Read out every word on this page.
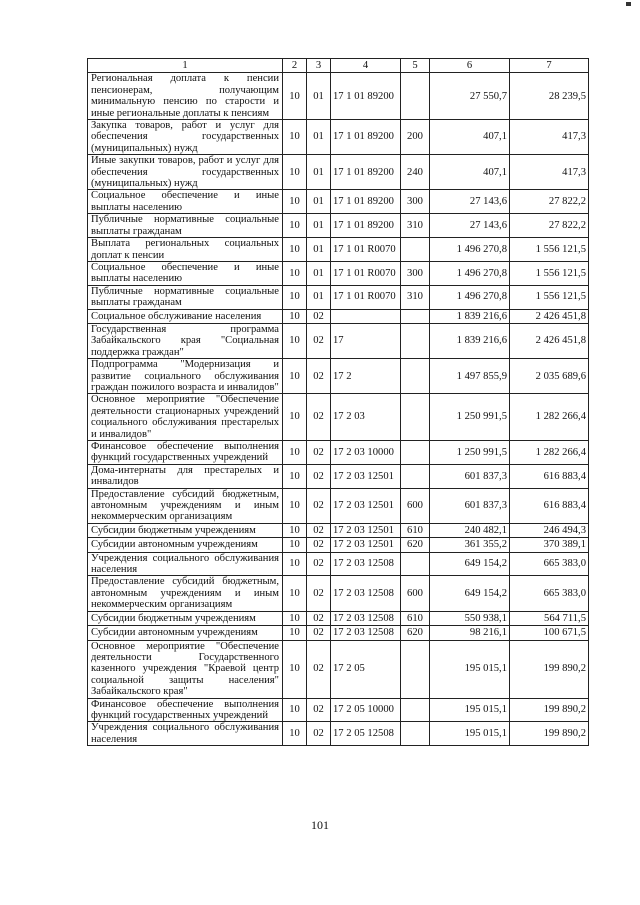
1	2	3	4	5	6	7
Региональная доплата к пенсии пенсионерам, получающим минимальную пенсию по старости и иные региональные доплаты к пенсиям	10	01	17 1 01 89200		27 550,7	28 239,5
Закупка товаров, работ и услуг для обеспечения государственных (муниципальных) нужд	10	01	17 1 01 89200	200	407,1	417,3
Иные закупки товаров, работ и услуг для обеспечения государственных (муниципальных) нужд	10	01	17 1 01 89200	240	407,1	417,3
Социальное обеспечение и иные выплаты населению	10	01	17 1 01 89200	300	27 143,6	27 822,2
Публичные нормативные социальные выплаты гражданам	10	01	17 1 01 89200	310	27 143,6	27 822,2
Выплата региональных социальных доплат к пенсии	10	01	17 1 01 R0070		1 496 270,8	1 556 121,5
Социальное обеспечение и иные выплаты населению	10	01	17 1 01 R0070	300	1 496 270,8	1 556 121,5
Публичные нормативные социальные выплаты гражданам	10	01	17 1 01 R0070	310	1 496 270,8	1 556 121,5
Социальное обслуживание населения	10	02			1 839 216,6	2 426 451,8
Государственная программа Забайкальского края "Социальная поддержка граждан"	10	02	17		1 839 216,6	2 426 451,8
Подпрограмма "Модернизация и развитие социального обслуживания граждан пожилого возраста и инвалидов"	10	02	17 2		1 497 855,9	2 035 689,6
Основное мероприятие "Обеспечение деятельности стационарных учреждений социального обслуживания престарелых и инвалидов"	10	02	17 2 03		1 250 991,5	1 282 266,4
Финансовое обеспечение выполнения функций государственных учреждений	10	02	17 2 03 10000		1 250 991,5	1 282 266,4
Дома-интернаты для престарелых и инвалидов	10	02	17 2 03 12501		601 837,3	616 883,4
Предоставление субсидий бюджетным, автономным учреждениям и иным некоммерческим организациям	10	02	17 2 03 12501	600	601 837,3	616 883,4
Субсидии бюджетным учреждениям	10	02	17 2 03 12501	610	240 482,1	246 494,3
Субсидии автономным учреждениям	10	02	17 2 03 12501	620	361 355,2	370 389,1
Учреждения социального обслуживания населения	10	02	17 2 03 12508		649 154,2	665 383,0
Предоставление субсидий бюджетным, автономным учреждениям и иным некоммерческим организациям	10	02	17 2 03 12508	600	649 154,2	665 383,0
Субсидии бюджетным учреждениям	10	02	17 2 03 12508	610	550 938,1	564 711,5
Субсидии автономным учреждениям	10	02	17 2 03 12508	620	98 216,1	100 671,5
Основное мероприятие "Обеспечение деятельности Государственного казенного учреждения "Краевой центр социальной защиты населения" Забайкальского края"	10	02	17 2 05		195 015,1	199 890,2
Финансовое обеспечение выполнения функций государственных учреждений	10	02	17 2 05 10000		195 015,1	199 890,2
Учреждения социального обслуживания населения	10	02	17 2 05 12508		195 015,1	199 890,2
101
